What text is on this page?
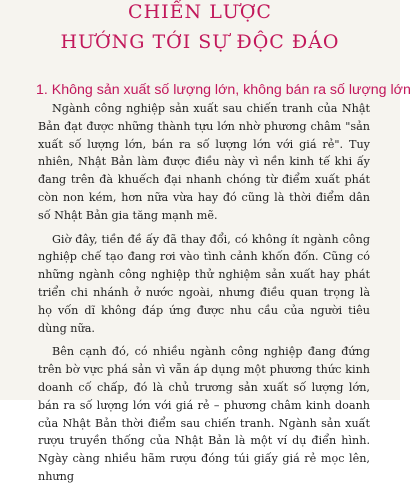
CHIẾN LƯỢC
HƯỚNG TỚI SỰ ĐỘC ĐÁO
1. Không sản xuất số lượng lớn, không bán ra số lượng lớn

Ngành công nghiệp sản xuất sau chiến tranh của Nhật Bản đạt được những thành tựu lớn nhờ phương châm "sản xuất số lượng lớn, bán ra số lượng lớn với giá rẻ". Tuy nhiên, Nhật Bản làm được điều này vì nền kinh tế khi ấy đang trên đà khuếch đại nhanh chóng từ điểm xuất phát còn non kém, hơn nữa vừa hay đó cũng là thời điểm dân số Nhật Bản gia tăng mạnh mẽ.

Giờ đây, tiền đề ấy đã thay đổi, có không ít ngành công nghiệp chế tạo đang rơi vào tình cảnh khốn đốn. Cũng có những ngành công nghiệp thử nghiệm sản xuất hay phát triển chi nhánh ở nước ngoài, nhưng điều quan trọng là họ vốn dĩ không đáp ứng được nhu cầu của người tiêu dùng nữa.

Bên cạnh đó, có nhiều ngành công nghiệp đang đứng trên bờ vực phá sản vì vẫn áp dụng một phương thức kinh doanh cố chấp, đó là chủ trương sản xuất số lượng lớn, bán ra số lượng lớn với giá rẻ – phương châm kinh doanh của Nhật Bản thời điểm sau chiến tranh. Ngành sản xuất rượu truyền thống của Nhật Bản là một ví dụ điển hình. Ngày càng nhiều hãm rượu đóng túi giấy giá rẻ mọc lên, nhưng
